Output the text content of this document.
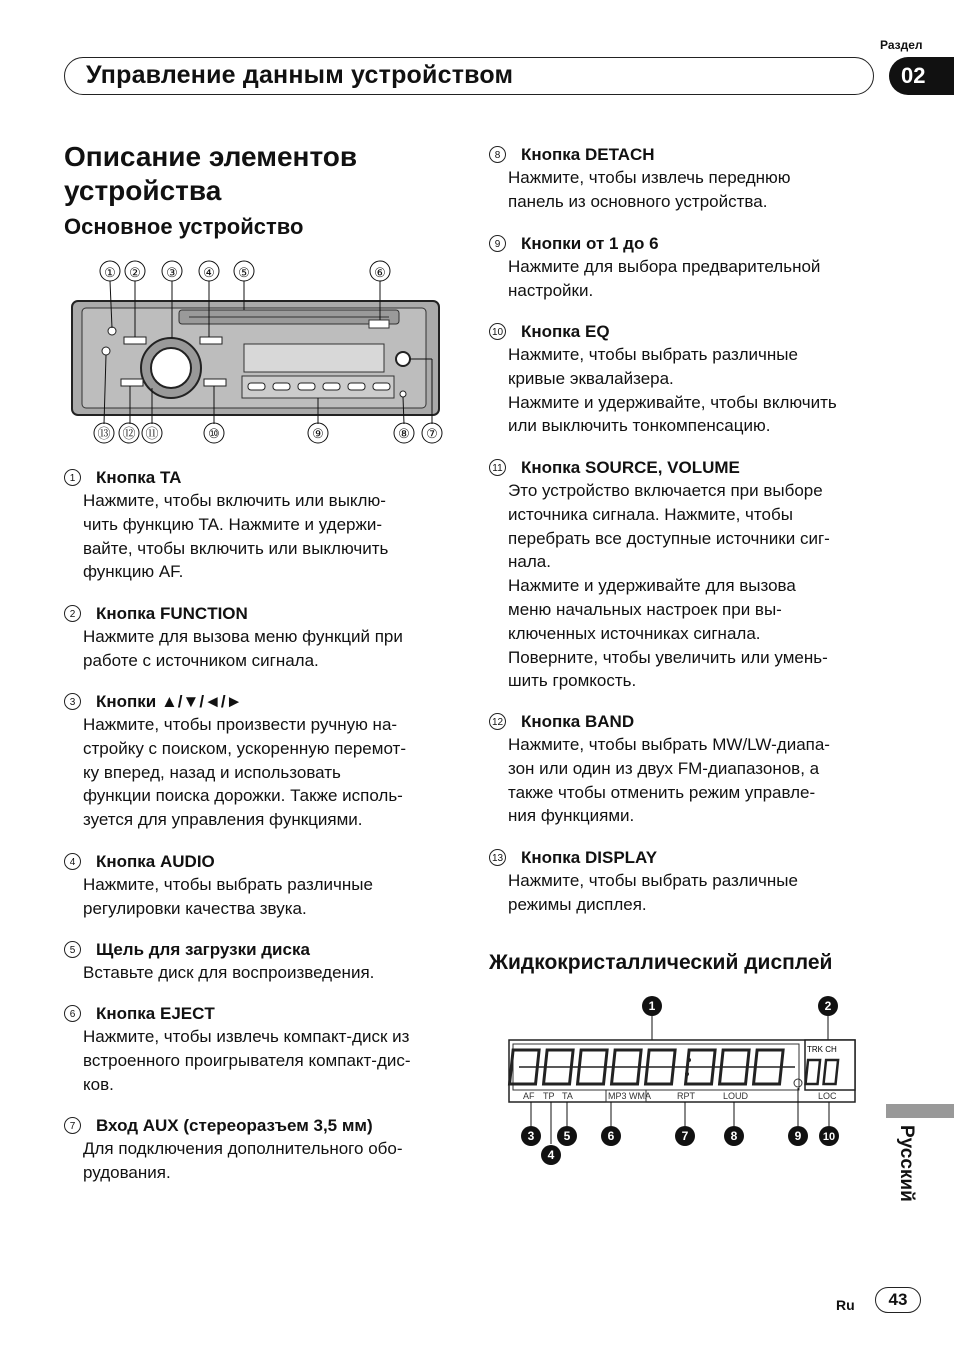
Раздел
Управление данным устройством	02
Описание элементов устройства
Основное устройство
① ② ③ ④ ⑤	⑥
⑬ ⑫ ⑪	⑩	⑨	⑧ ⑦
1	Кнопка TA
Нажмите, чтобы включить или выклю-
чить функцию TA. Нажмите и удержи-
вайте, чтобы включить или выключить
функцию AF.
2	Кнопка FUNCTION
Нажмите для вызова меню функций при
работе с источником сигнала.
3	Кнопки ▲/▼/◄/►
Нажмите, чтобы произвести ручную на-
стройку с поиском, ускоренную перемот-
ку вперед, назад и использовать
функции поиска дорожки. Также исполь-
зуется для управления функциями.
4	Кнопка AUDIO
Нажмите, чтобы выбрать различные
регулировки качества звука.
5	Щель для загрузки диска
Вставьте диск для воспроизведения.
6	Кнопка EJECT
Нажмите, чтобы извлечь компакт-диск из
встроенного проигрывателя компакт-дис-
ков.
7	Вход AUX (стереоразъем 3,5 мм)
Для подключения дополнительного обо-
рудования.
8	Кнопка DETACH
Нажмите, чтобы извлечь переднюю
панель из основного устройства.
9	Кнопки от 1 до 6
Нажмите для выбора предварительной
настройки.
10 Кнопка EQ
Нажмите, чтобы выбрать различные
кривые эквалайзера.
Нажмите и удерживайте, чтобы включить
или выключить тонкомпенсацию.
11 Кнопка SOURCE, VOLUME
Это устройство включается при выборе
источника сигнала. Нажмите, чтобы
перебрать все доступные источники сиг-
нала.
Нажмите и удерживайте для вызова
меню начальных настроек при вы-
ключенных источниках сигнала.
Поверните, чтобы увеличить или умень-
шить громкость.
12 Кнопка BAND
Нажмите, чтобы выбрать MW/LW-диапа-
зон или один из двух FM-диапазонов, а
также чтобы отменить режим управле-
ния функциями.
13 Кнопка DISPLAY
Нажмите, чтобы выбрать различные
режимы дисплея.
Жидкокристаллический дисплей
1	2
TRK CH
AF TP TA	MP3 WMA	RPT	LOUD	LOC
3
4
5	6	7	8	9 10	Русский
Ru	43
